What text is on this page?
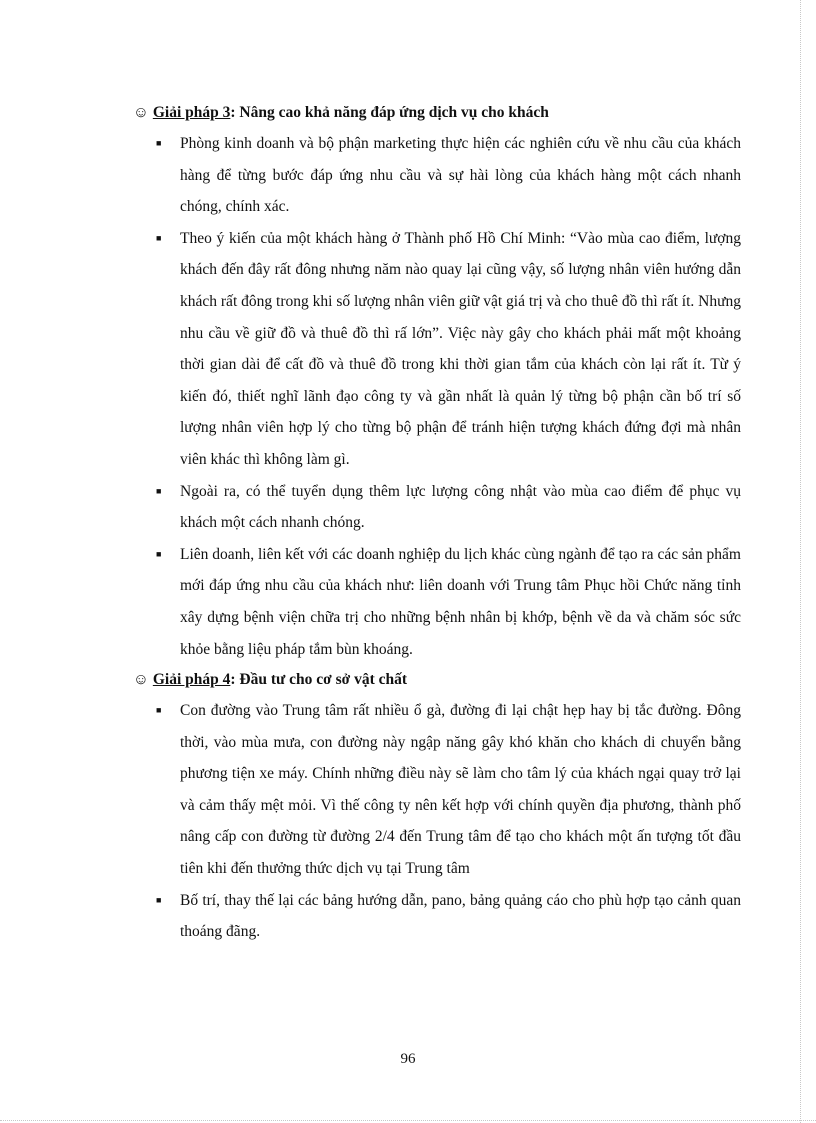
☺ Giải pháp 3: Nâng cao khả năng đáp ứng dịch vụ cho khách

■ Phòng kinh doanh và bộ phận marketing thực hiện các nghiên cứu về nhu cầu của khách hàng để từng bước đáp ứng nhu cầu và sự hài lòng của khách hàng một cách nhanh chóng, chính xác.
■ Theo ý kiến của một khách hàng ở Thành phố Hồ Chí Minh: “Vào mùa cao điểm, lượng khách đến đây rất đông nhưng năm nào quay lại cũng vậy, số lượng nhân viên hướng dẫn khách rất đông trong khi số lượng nhân viên giữ vật giá trị và cho thuê đồ thì rất ít. Nhưng nhu cầu về giữ đồ và thuê đồ thì rấ lớn”. Việc này gây cho khách phải mất một khoảng thời gian dài để cất đồ và thuê đồ trong khi thời gian tắm của khách còn lại rất ít. Từ ý kiến đó, thiết nghĩ lãnh đạo công ty và gần nhất là quản lý từng bộ phận cần bố trí số lượng nhân viên hợp lý cho từng bộ phận để tránh hiện tượng khách đứng đợi mà nhân viên khác thì không làm gì.
■ Ngoài ra, có thể tuyển dụng thêm lực lượng công nhật vào mùa cao điểm để phục vụ khách một cách nhanh chóng.
■ Liên doanh, liên kết với các doanh nghiệp du lịch khác cùng ngành để tạo ra các sản phẩm mới đáp ứng nhu cầu của khách như: liên doanh với Trung tâm Phục hồi Chức năng tỉnh xây dựng bệnh viện chữa trị cho những bệnh nhân bị khớp, bệnh về da và chăm sóc sức khỏe bằng liệu pháp tắm bùn khoáng.

☺ Giải pháp 4: Đầu tư cho cơ sở vật chất

■ Con đường vào Trung tâm rất nhiều ổ gà, đường đi lại chật hẹp hay bị tắc đường. Đông thời, vào mùa mưa, con đường này ngập năng gây khó khăn cho khách di chuyển bằng phương tiện xe máy. Chính những điều này sẽ làm cho tâm lý của khách ngại quay trở lại và cảm thấy mệt mỏi. Vì thế công ty nên kết hợp với chính quyền địa phương, thành phố nâng cấp con đường từ đường 2/4 đến Trung tâm để tạo cho khách một ấn tượng tốt đầu tiên khi đến thưởng thức dịch vụ tại Trung tâm
■ Bố trí, thay thế lại các bảng hướng dẫn, pano, bảng quảng cáo cho phù hợp tạo cảnh quan thoáng đãng.
96
